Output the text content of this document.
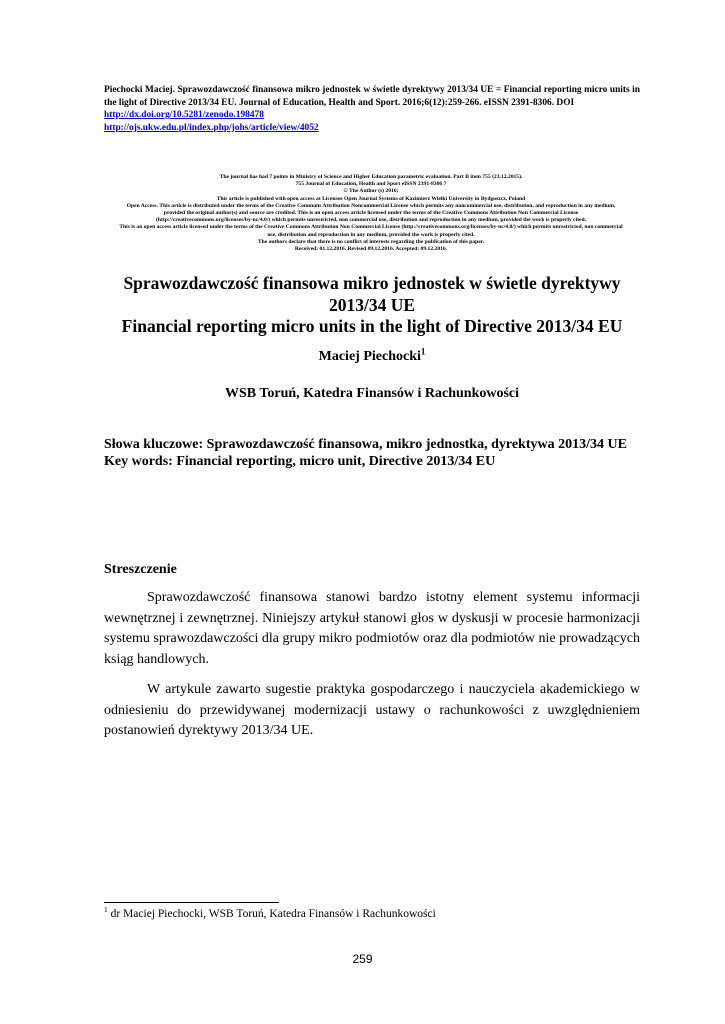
Piechocki Maciej. Sprawozdawczość finansowa mikro jednostek w świetle dyrektywy 2013/34 UE = Financial reporting micro units in the light of Directive 2013/34 EU. Journal of Education, Health and Sport. 2016;6(12):259-266. eISSN 2391-8306. DOI
http://dx.doi.org/10.5281/zenodo.198478
http://ojs.ukw.edu.pl/index.php/johs/article/view/4052
The journal has had 7 points in Ministry of Science and Higher Education parametric evaluation. Part B item 755 (23.12.2015).
755 Journal of Education, Health and Sport eISSN 2391-8306 7
© The Author (s) 2016;
This article is published with open access at Licensee Open Journal Systems of Kazimierz Wielki University in Bydgoszcz, Poland
Open Access. This article is distributed under the terms of the Creative Commons Attribution Noncommercial License which permits any noncommercial use, distribution, and reproduction in any medium,
provided the original author(s) and source are credited. This is an open access article licensed under the terms of the Creative Commons Attribution Non Commercial License
(http://creativecommons.org/licenses/by-nc/4.0/) which permits unrestricted, non commercial use, distribution and reproduction in any medium, provided the work is properly cited.
This is an open access article licensed under the terms of the Creative Commons Attribution Non Commercial License (http://creativecommons.org/licenses/by-nc/4.0/) which permits unrestricted, non commercial
use, distribution and reproduction in any medium, provided the work is properly cited.
The authors declare that there is no conflict of interests regarding the publication of this paper.
Received: 01.12.2016. Revised 09.12.2016. Accepted: 09.12.2016.
Sprawozdawczość finansowa mikro jednostek w świetle dyrektywy
2013/34 UE
Financial reporting micro units in the light of Directive 2013/34 EU
Maciej Piechocki$^1$
WSB Toruń, Katedra Finansów i Rachunkowości
Słowa kluczowe: Sprawozdawczość finansowa, mikro jednostka, dyrektywa 2013/34 UE
Key words: Financial reporting, micro unit, Directive 2013/34 EU
Streszczenie

Sprawozdawczość finansowa stanowi bardzo istotny element systemu informacji wewnętrznej i zewnętrznej. Niniejszy artykuł stanowi głos w dyskusji w procesie harmonizacji systemu sprawozdawczości dla grupy mikro podmiotów oraz dla podmiotów nie prowadzących ksiąg handlowych.

W artykule zawarto sugestie praktyka gospodarczego i nauczyciela akademickiego w odniesieniu do przewidywanej modernizacji ustawy o rachunkowości z uwzględnieniem postanowień dyrektywy 2013/34 UE.

$^1$ dr Maciej Piechocki, WSB Toruń, Katedra Finansów i Rachunkowości
259
